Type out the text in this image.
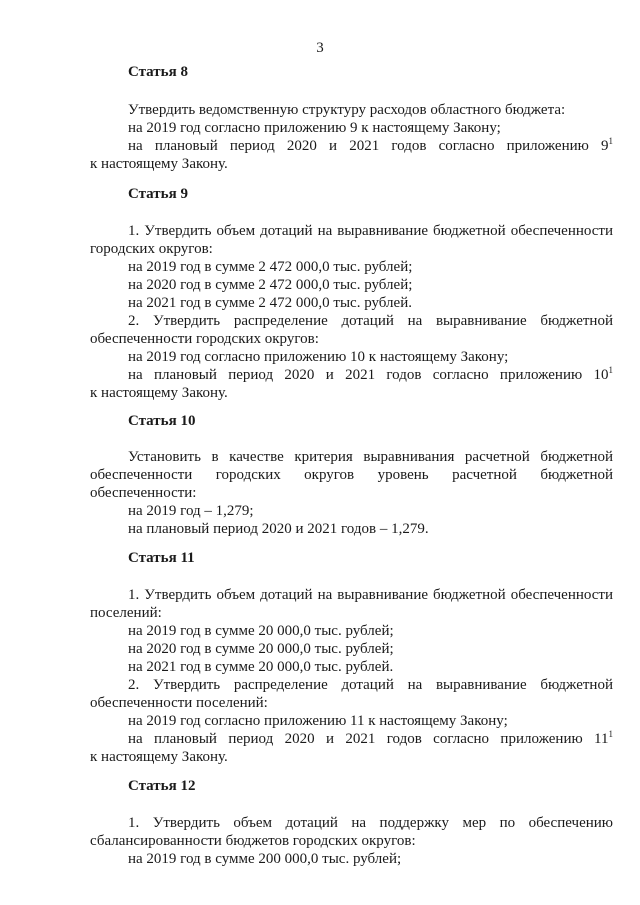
3
Статья 8
Утвердить ведомственную структуру расходов областного бюджета:
на 2019 год согласно приложению 9 к настоящему Закону;
на плановый период 2020 и 2021 годов согласно приложению $9^1$
к настоящему Закону.
Статья 9
1. Утвердить объем дотаций на выравнивание бюджетной обеспеченности
городских округов:
на 2019 год в сумме 2 472 000,0 тыс. рублей;
на 2020 год в сумме 2 472 000,0 тыс. рублей;
на 2021 год в сумме 2 472 000,0 тыс. рублей.
2. Утвердить распределение дотаций на выравнивание бюджетной
обеспеченности городских округов:
на 2019 год согласно приложению 10 к настоящему Закону;
на плановый период 2020 и 2021 годов согласно приложению $10^1$
к настоящему Закону.
Статья 10
Установить в качестве критерия выравнивания расчетной бюджетной
обеспеченности городских округов уровень расчетной бюджетной
обеспеченности:
на 2019 год – 1,279;
на плановый период 2020 и 2021 годов – 1,279.
Статья 11
1. Утвердить объем дотаций на выравнивание бюджетной обеспеченности
поселений:
на 2019 год в сумме 20 000,0 тыс. рублей;
на 2020 год в сумме 20 000,0 тыс. рублей;
на 2021 год в сумме 20 000,0 тыс. рублей.
2. Утвердить распределение дотаций на выравнивание бюджетной
обеспеченности поселений:
на 2019 год согласно приложению 11 к настоящему Закону;
на плановый период 2020 и 2021 годов согласно приложению $11^1$
к настоящему Закону.
Статья 12
1. Утвердить объем дотаций на поддержку мер по обеспечению
сбалансированности бюджетов городских округов:
на 2019 год в сумме 200 000,0 тыс. рублей;
